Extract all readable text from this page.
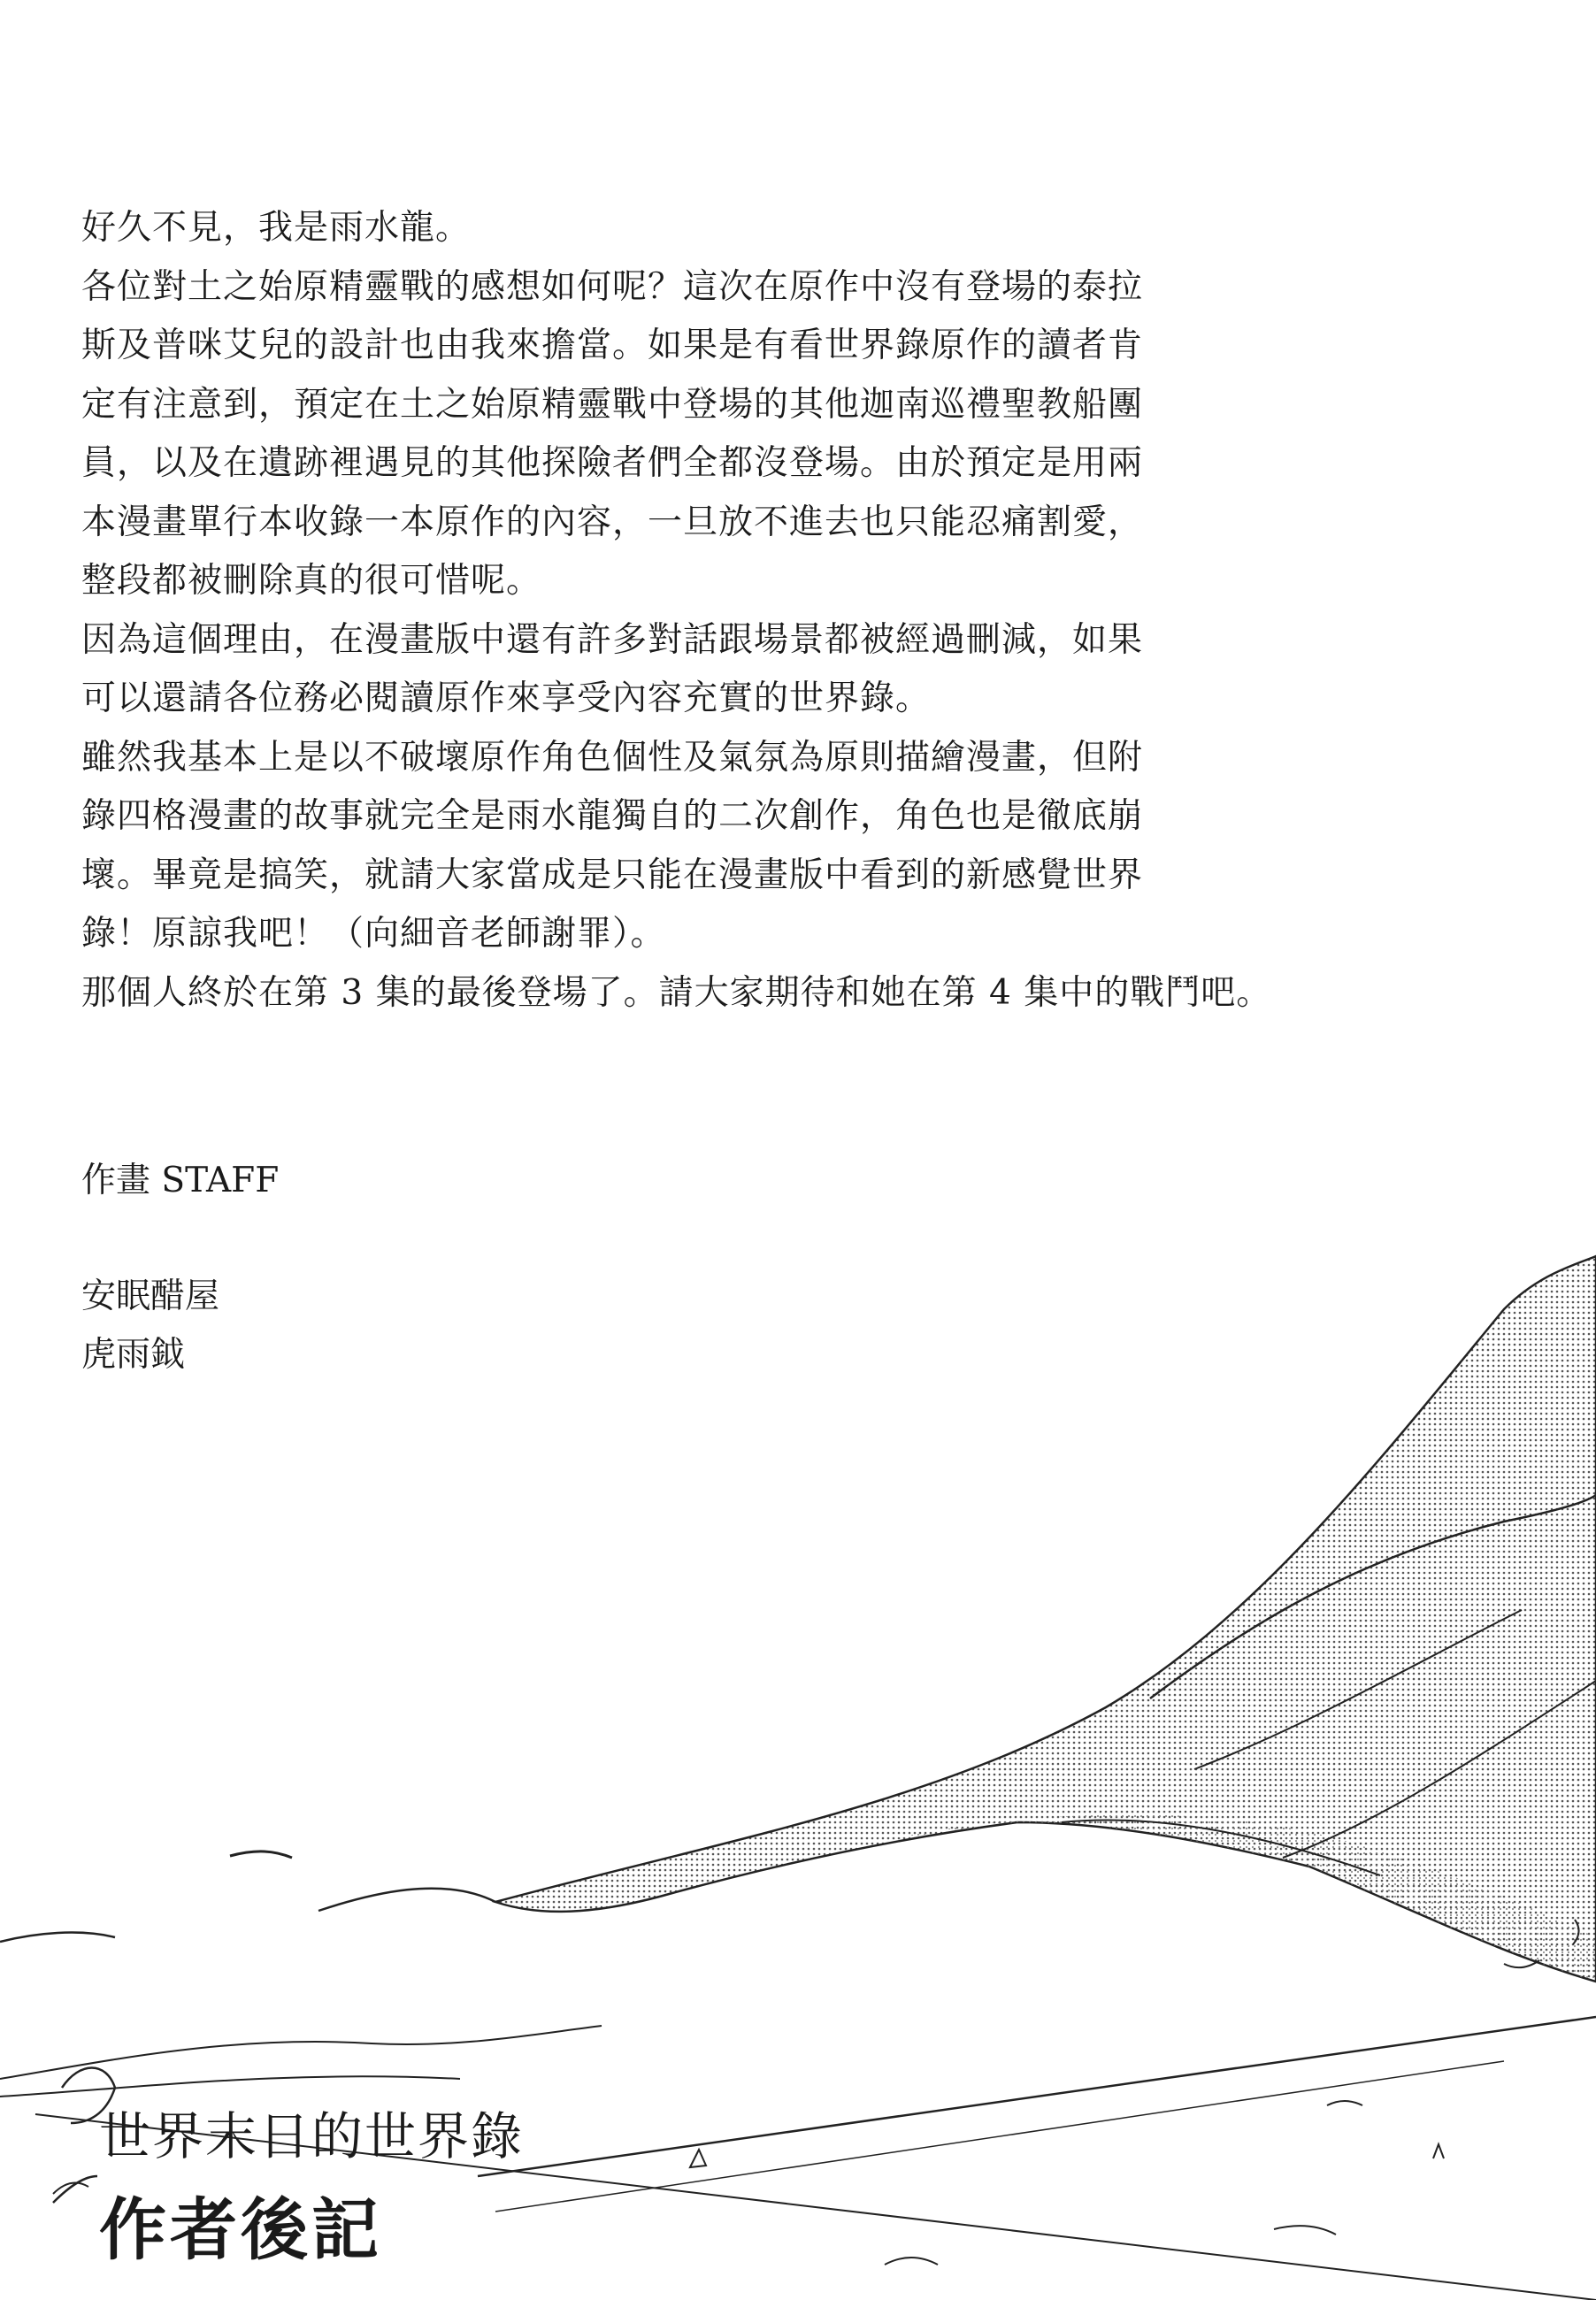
好久不見，我是雨水龍。
各位對土之始原精靈戰的感想如何呢？這次在原作中沒有登場的泰拉
斯及普咪艾兒的設計也由我來擔當。如果是有看世界錄原作的讀者肯
定有注意到，預定在土之始原精靈戰中登場的其他迦南巡禮聖教船團
員，以及在遺跡裡遇見的其他探險者們全都沒登場。由於預定是用兩
本漫畫單行本收錄一本原作的內容，一旦放不進去也只能忍痛割愛，
整段都被刪除真的很可惜呢。
因為這個理由，在漫畫版中還有許多對話跟場景都被經過刪減，如果
可以還請各位務必閱讀原作來享受內容充實的世界錄。
雖然我基本上是以不破壞原作角色個性及氣氛為原則描繪漫畫，但附
錄四格漫畫的故事就完全是雨水龍獨自的二次創作，角色也是徹底崩
壞。畢竟是搞笑，就請大家當成是只能在漫畫版中看到的新感覺世界
錄！原諒我吧！（向細音老師謝罪）。
那個人終於在第 3 集的最後登場了。請大家期待和她在第 4 集中的戰鬥吧。
作畫 STAFF
安眠醋屋
虎雨鉞
世界末日的世界錄
作者後記
